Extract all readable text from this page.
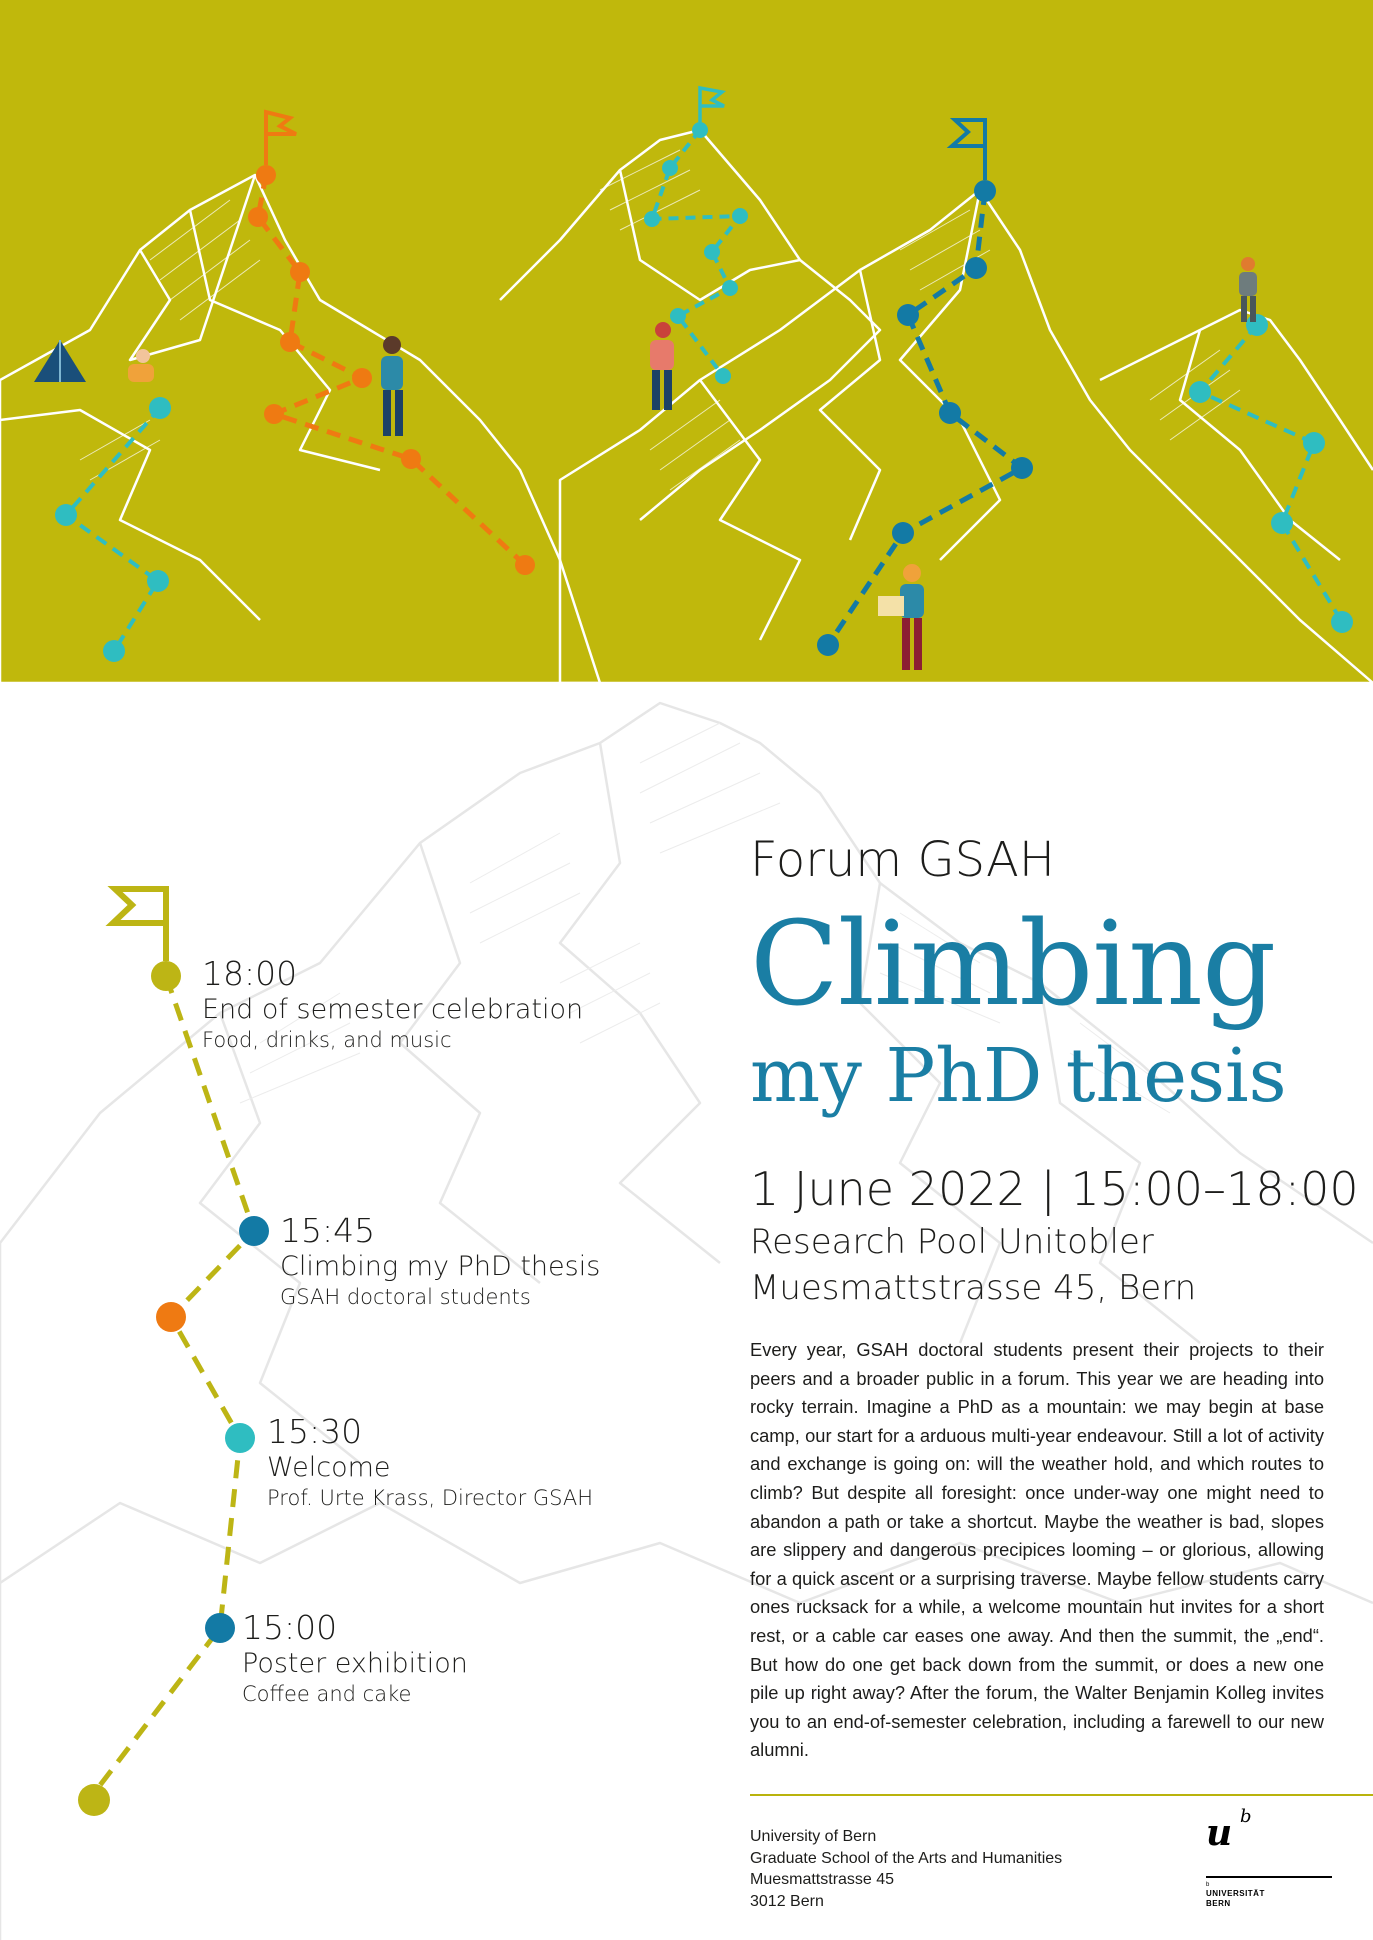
18:00
End of semester celebration
Food, drinks, and music
15:45
Climbing my PhD thesis
GSAH doctoral students
15:30
Welcome
Prof. Urte Krass, Director GSAH
15:00
Poster exhibition
Coffee and cake
Forum GSAH
Climbing
my PhD thesis
1 June 2022 | 15:00–18:00
Research Pool Unitobler
Muesmattstrasse 45, Bern

Every year, GSAH doctoral students present their projects to their peers and a broader public in a forum. This year we are heading into rocky terrain. Imagine a PhD as a mountain: we may begin at base camp, our start for a arduous multi-year endeavour. Still a lot of activity and exchange is going on: will the weather hold, and which routes to climb? But despite all foresight: once under-way one might need to abandon a path or take a shortcut. Maybe the weather is bad, slopes are slippery and dangerous precipices looming – or glorious, allowing for a quick ascent or a surprising traverse. Maybe fellow students carry ones rucksack for a while, a welcome mountain hut invites for a short rest, or a cable car eases one away. And then the summit, the „end“. But how do one get back down from the summit, or does a new one pile up right away? After the forum, the Walter Benjamin Kolleg invites you to an end-of-semester celebration, including a farewell to our new alumni.

University of Bern
Graduate School of the Arts and Humanities
Muesmattstrasse 45
3012 Bern
u b
b
UNIVERSITÄT
BERN
